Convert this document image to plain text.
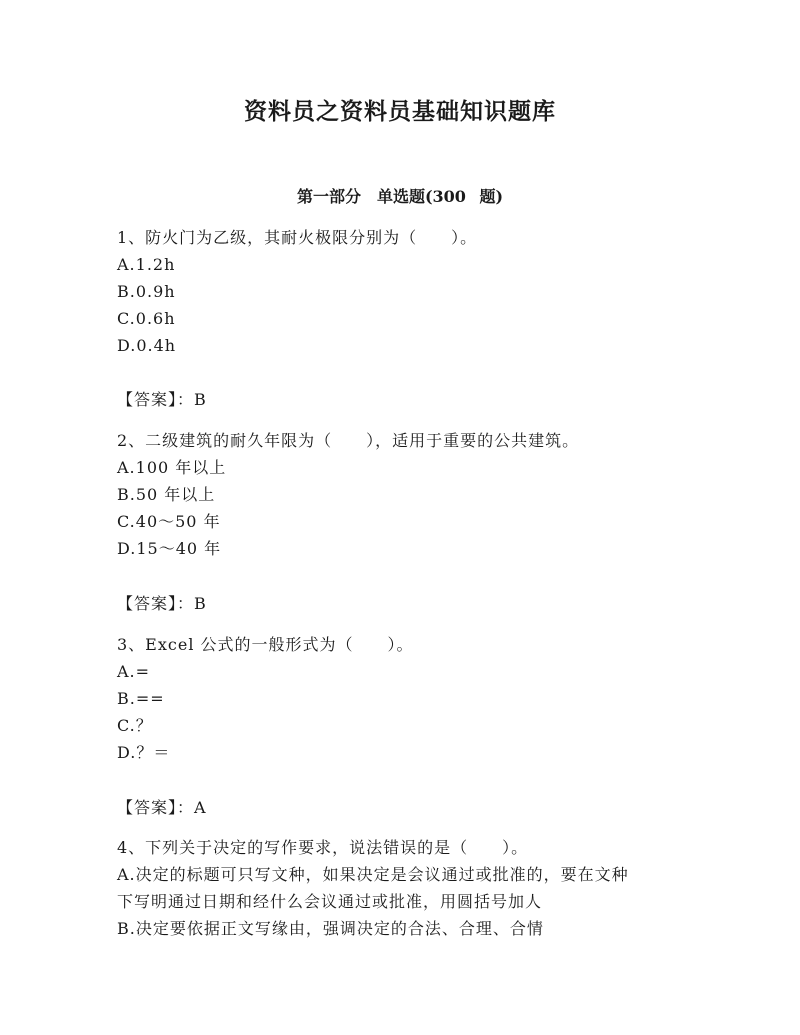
资料员之资料员基础知识题库
第一部分　单选题(300 题)
1、防火门为乙级，其耐火极限分别为（　　）。
A.1.2h
B.0.9h
C.0.6h
D.0.4h
【答案】：B
2、二级建筑的耐久年限为（　　），适用于重要的公共建筑。
A.100 年以上
B.50 年以上
C.40～50 年
D.15～40 年
【答案】：B
3、Excel 公式的一般形式为（　　）。
A.=
B.==
C.？
D.？＝
【答案】：A
4、下列关于决定的写作要求，说法错误的是（　　）。
A.决定的标题可只写文种，如果决定是会议通过或批准的，要在文种
下写明通过日期和经什么会议通过或批准，用圆括号加人
B.决定要依据正文写缘由，强调决定的合法、合理、合情
